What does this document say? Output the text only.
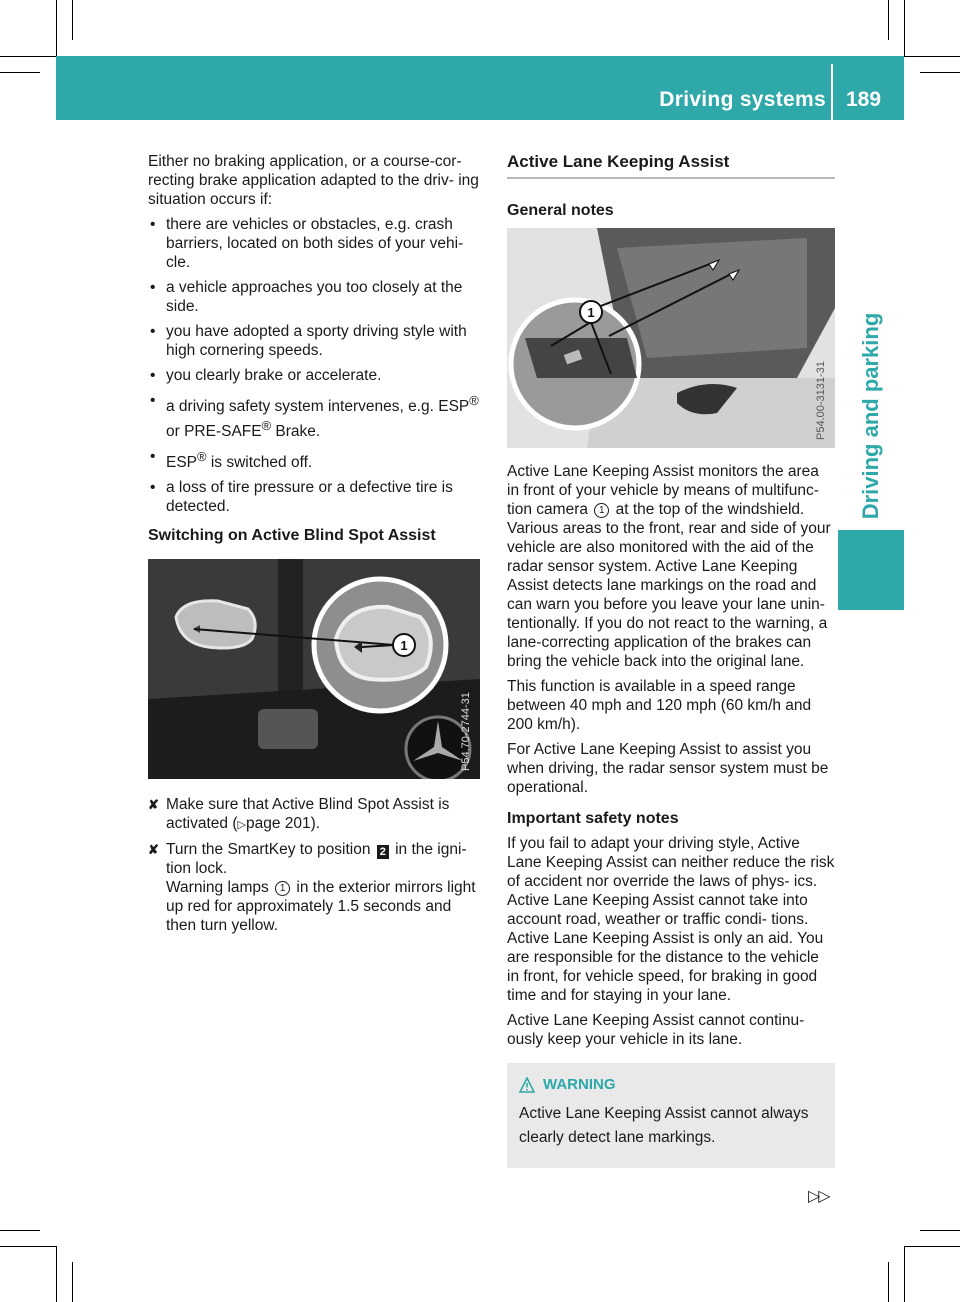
Driving systems 189
Driving and parking

Either no braking application, or a course-cor- recting brake application adapted to the driv- ing situation occurs if:

• there are vehicles or obstacles, e.g. crash barriers, located on both sides of your vehi- cle.
• a vehicle approaches you too closely at the side.
• you have adopted a sporty driving style with high cornering speeds.
• you clearly brake or accelerate.
• a driving safety system intervenes, e.g. ESP® or PRE-SAFE® Brake.
• ESP® is switched off.
• a loss of tire pressure or a defective tire is detected.
Switching on Active Blind Spot Assist
1
P54.70-2744-31
✘ Make sure that Active Blind Spot Assist is activated (▷page 201).
✘ Turn the SmartKey to position 2 in the igni- tion lock.
Warning lamps 1 in the exterior mirrors light up red for approximately 1.5 seconds and then turn yellow.
Active Lane Keeping Assist
General notes
1
P54.00-3131-31

Active Lane Keeping Assist monitors the area in front of your vehicle by means of multifunc- tion camera 1 at the top of the windshield. Various areas to the front, rear and side of your vehicle are also monitored with the aid of the radar sensor system. Active Lane Keeping Assist detects lane markings on the road and can warn you before you leave your lane unin- tentionally. If you do not react to the warning, a lane-correcting application of the brakes can bring the vehicle back into the original lane.

This function is available in a speed range between 40 mph and 120 mph (60 km/h and 200 km/h).

For Active Lane Keeping Assist to assist you when driving, the radar sensor system must be operational.

Important safety notes

If you fail to adapt your driving style, Active Lane Keeping Assist can neither reduce the risk of accident nor override the laws of phys- ics. Active Lane Keeping Assist cannot take into account road, weather or traffic condi- tions. Active Lane Keeping Assist is only an aid. You are responsible for the distance to the vehicle in front, for vehicle speed, for braking in good time and for staying in your lane.

Active Lane Keeping Assist cannot continu- ously keep your vehicle in its lane.

WARNING

Active Lane Keeping Assist cannot always clearly detect lane markings.

▷▷
